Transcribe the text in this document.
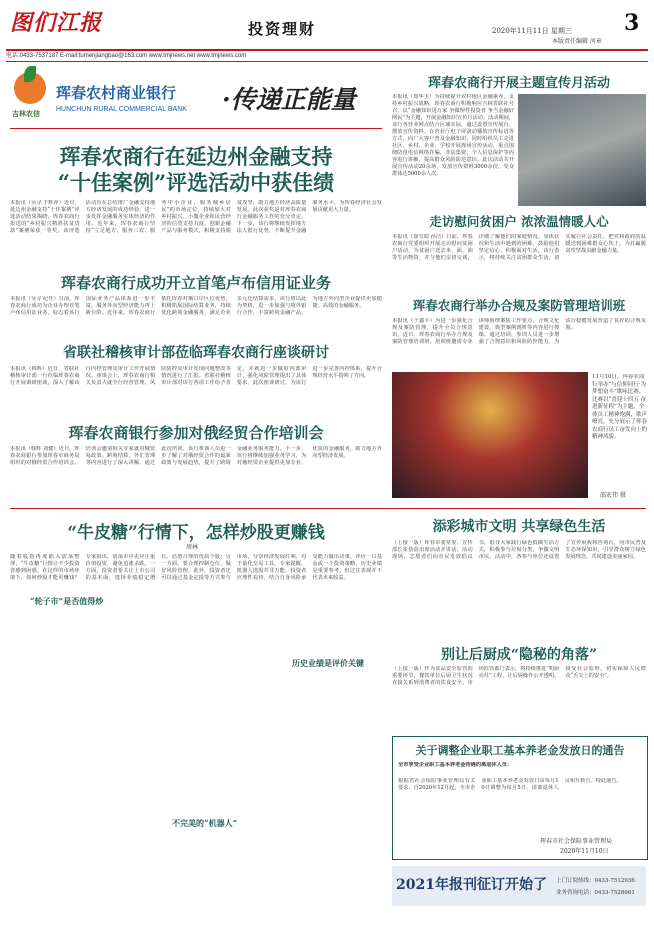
图们江报	投资理财	2020年11月11日 星期三 3
本版责任编辑 河章
电话:0433-7537187 E-mail:tumenjiangbao@163.com www.tmjnews.net www.tmjnews.com
吉林农信
珲春农村商业银行
HUNCHUN RURAL COMMERCIAL BANK ·传递正能量
珲春农商行在延边州金融支持
“十佳案例”评选活动中获佳绩
本报讯（吴寻 于辉萍）近日，延边州金融支持“十佳案例”评选活动结果揭晓，珲春农商行报送的“乡村振兴精准扶贫贷款”案例荣获一等奖。该评选活动旨在总结推广金融支持地方经济发展的成功经验，进一步发挥金融服务实体经济的作用。近年来，珲春农商行坚持“立足地方、服务三农、服务中小企业、服务城乡居民”的市场定位，持续加大对乡村振兴、小微企业和民营经济的信贷支持力度，创新金融产品与服务模式，积极支持脱贫攻坚，助力地方经济高质量发展。此次获奖是对珲春农商行金融服务工作的充分肯定，下一步，该行将继续发挥地方法人银行优势，不断提升金融服务水平，为珲春经济社会发展贡献更大力量。
珲春农商行成功开立首笔卢布信用证业务
本报讯（吴寻 纪佳）日前，珲春农商行成功为企业办理首笔卢布信用证业务，标志着该行国际业务产品体系进一步丰富，服务外向型经济能力再上新台阶。近年来，珲春农商行依托珲春对俄口岸区位优势，积极拓展国际结算业务，持续优化跨境金融服务，满足企业多元化结算需求。该行将以此为契机，进一步加强与境外银行合作，丰富跨境金融产品，为地方外向型企业提供更加便捷、高效的金融服务。
省联社稽核审计部莅临珲春农商行座谈研讨
本报讯（韩辉）近日，省联社稽核审计部一行莅临珲春农商行开展调研座谈，深入了解该行内控管理及审计工作开展情况。座谈会上，珲春农商行相关负责人就全行经营管理、风险防控及审计发现问题整改等情况进行了汇报。省联社稽核审计部对该行各项工作给予肯定，并就进一步做好内部审计、强化风险管理提出了具体要求。此次座谈研讨，为该行进一步完善内控体系、提升合规经营水平指明了方向。
珲春农商银行参加对俄经贸合作培训会
本报讯（韩辉 刘健）近日，珲春农商银行参加珲春市商务局组织的对俄经贸合作培训会。培训会邀请相关专家就对俄贸易政策、跨境结算、外汇管理等内容进行了深入讲解。通过此次培训，该行参训人员进一步了解了对俄经贸合作的最新政策与发展趋势，提升了跨境金融业务服务能力。下一步，该行将继续加强业务学习，为对俄经贸企业提供更加专业、优质的金融服务，助力地方外向型经济发展。
珲春农商行开展主题宣传月活动
本报讯（郑华玉）为持续提升农村地区金融素养，支持乡村振兴战略，珲春农商行积极响应吉林省联社号召，以“金融知识进万家 争做理性投资者 争当金融好网民”为主题，开展金融知识宣传月活动。活动期间，该行各营业网点结合区域实际，通过设置宣传展台、摆放宣传资料、在营业厅电子屏滚动播放宣传标语等方式，向广大客户普及金融知识；同时组织员工走进社区、乡村、企业、学校开展现场宣传活动，重点围绕防范电信网络诈骗、非法集资、个人信息保护等内容进行讲解，提高群众风险防范意识。此次活动共开展宣传活动20余场，发放宣传资料3000余份，受众群体达5000余人次。
走访慰问贫困户 浓浓温情暖人心
本报讯（徐雪瑞 孙洁）日前，珲春农商行党委组织开展走访慰问贫困户活动，为贫困户送去米、面、油等生活物资，并与他们亲切交谈，详细了解他们的家庭情况、身体状况和生活中遇到的困难，鼓励他们坚定信心、积极面对生活。该行表示，将持续关注贫困群众生活，切实履行社会责任，把党和政府的温暖送到困难群众心坎上，为打赢脱贫攻坚战贡献金融力量。
珲春农商行举办合规及案防管理培训班
本报讯（于鑫平）为进一步强化合规及案防管理，提升全员合规意识，近日，珲春农商行举办合规及案防管理培训班。培训班邀请专业讲师围绕案防工作要点、合规文化建设、典型案例剖析等内容进行授课。通过培训，参训人员进一步增强了合规意识和风险防控能力，为该行稳健发展营造了良好的合规氛围。
11月10日，珲春农商行举办“与信仰同行·为梦想奋斗”歌咏比赛。比赛以“喜迎十四五 奋进新征程”为主题，全体员工精神饱满，歌声嘹亮，充分展示了珲春农商行员工奋发向上的精神风貌。
邵宏伟 摄
“牛皮糖”行情下，怎样炒股更赚钱
周林
“轮子市”是否值得炒
不完美的“机器人”
历史业绩是评价关键
随着股指再度陷入震荡整理，“牛皮糖”行情让不少投资者感到困惑。在这样的市场环境下，如何炒股才能更赚钱？专家指出，震荡市中更应注重价值投资，避免追涨杀跌。一方面，投资者要关注上市公司的基本面，选择业绩稳定增长、估值合理的优质个股；另一方面，要合理控制仓位，做好风险管理。此外，投资者还可以通过基金定投等方式参与市场，分享经济发展红利。对于量化交易工具，专家提醒，机器人选股并非万能，投资者应理性看待，结合自身风险承受能力做出决策。评价一只基金或一个投资策略，历史业绩是重要参考，但过往表现并不代表未来收益。
添彩城市文明 共享绿色生活
（上接一版）珲春市委常委、宣传部长崔蓓蓓出席活动并讲话。活动现场，志愿者们向市民发放倡议书，倡导大家践行绿色低碳生活方式，积极参与垃圾分类，争做文明市民。活动中，各参与单位还设置了宣传展板和咨询台，向市民普及生态环保知识，引导群众树立绿色发展理念，共同建设美丽家园。
别让后厨成“隐秘的角落”
（上接一版）作为食品安全监管的重要环节，餐饮单位后厨卫生状况直接关系到消费者的饮食安全。市场监管部门表示，将持续推进“明厨亮灶”工程，让后厨操作公开透明，接受社会监督，切实保障人民群众“舌尖上的安全”。
关于调整企业职工基本养老金发放日的通告
全市享受企业职工基本养老金待遇的离退休人员：
根据省社会保险事业管理局有关要求，自2020年12月起，全市企业职工基本养老金发放日由每月10日调整为每月5日。请离退休人员相互转告。特此通告。
珲春市社会保险事业管理局
2020年11月10日
2021年报刊征订开始了 上门订阅热线：0433-7512936
业务咨询电话：0433-7528661
